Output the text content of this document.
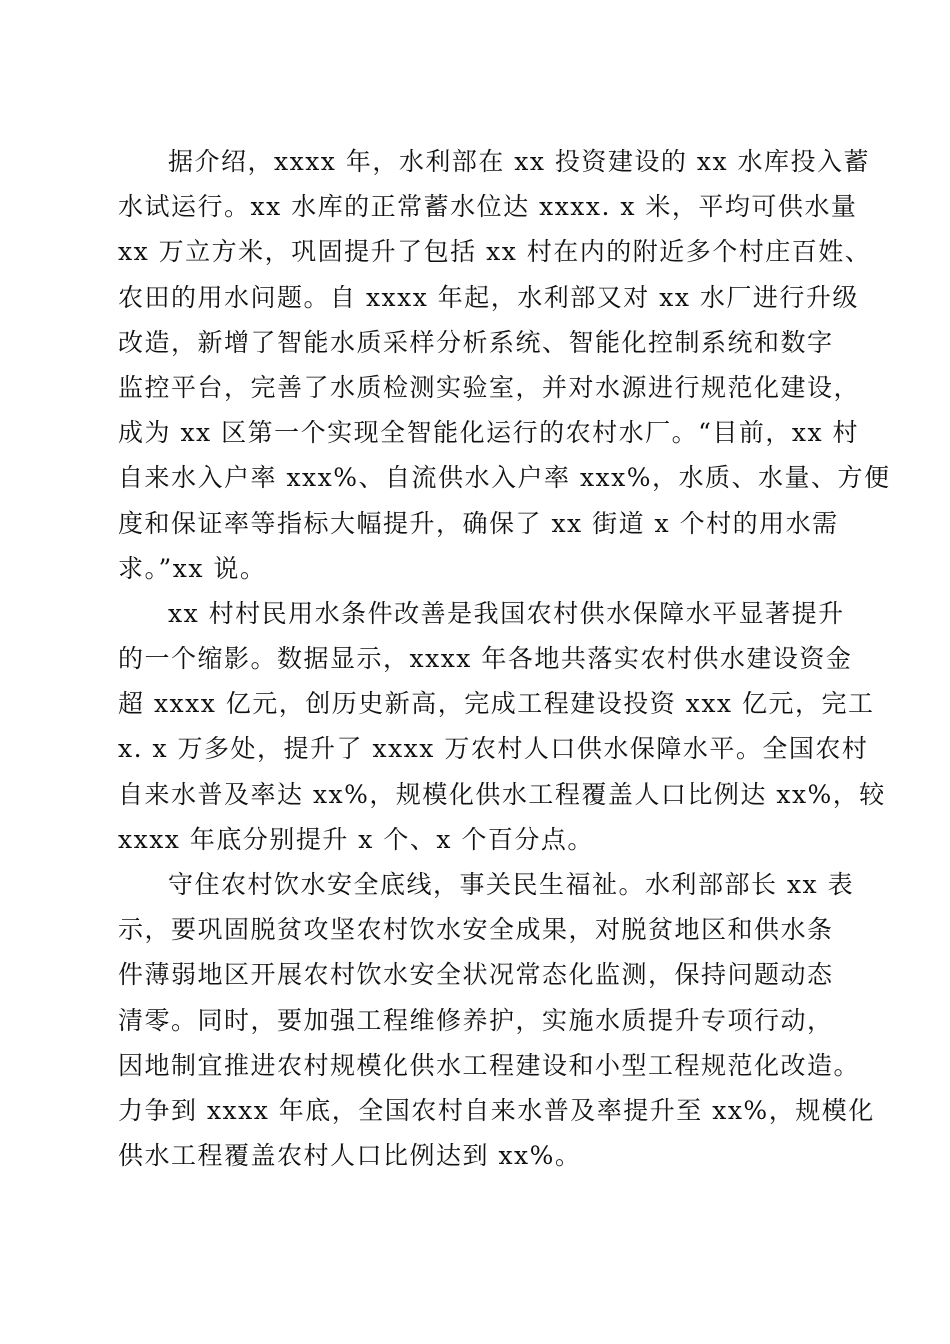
据介绍，xxxx 年，水利部在 xx 投资建设的 xx 水库投入蓄
水试运行。xx 水库的正常蓄水位达 xxxx. x 米，平均可供水量
xx 万立方米，巩固提升了包括 xx 村在内的附近多个村庄百姓、
农田的用水问题。自 xxxx 年起，水利部又对 xx 水厂进行升级
改造，新增了智能水质采样分析系统、智能化控制系统和数字
监控平台，完善了水质检测实验室，并对水源进行规范化建设，
成为 xx 区第一个实现全智能化运行的农村水厂。“目前，xx 村
自来水入户率 xxx%、自流供水入户率 xxx%，水质、水量、方便
度和保证率等指标大幅提升，确保了 xx 街道 x 个村的用水需
求。”xx 说。
xx 村村民用水条件改善是我国农村供水保障水平显著提升
的一个缩影。数据显示，xxxx 年各地共落实农村供水建设资金
超 xxxx 亿元，创历史新高，完成工程建设投资 xxx 亿元，完工
x. x 万多处，提升了 xxxx 万农村人口供水保障水平。全国农村
自来水普及率达 xx%，规模化供水工程覆盖人口比例达 xx%，较
xxxx 年底分别提升 x 个、x 个百分点。
守住农村饮水安全底线，事关民生福祉。水利部部长 xx 表
示，要巩固脱贫攻坚农村饮水安全成果，对脱贫地区和供水条
件薄弱地区开展农村饮水安全状况常态化监测，保持问题动态
清零。同时，要加强工程维修养护，实施水质提升专项行动，
因地制宜推进农村规模化供水工程建设和小型工程规范化改造。
力争到 xxxx 年底，全国农村自来水普及率提升至 xx%，规模化
供水工程覆盖农村人口比例达到 xx%。
